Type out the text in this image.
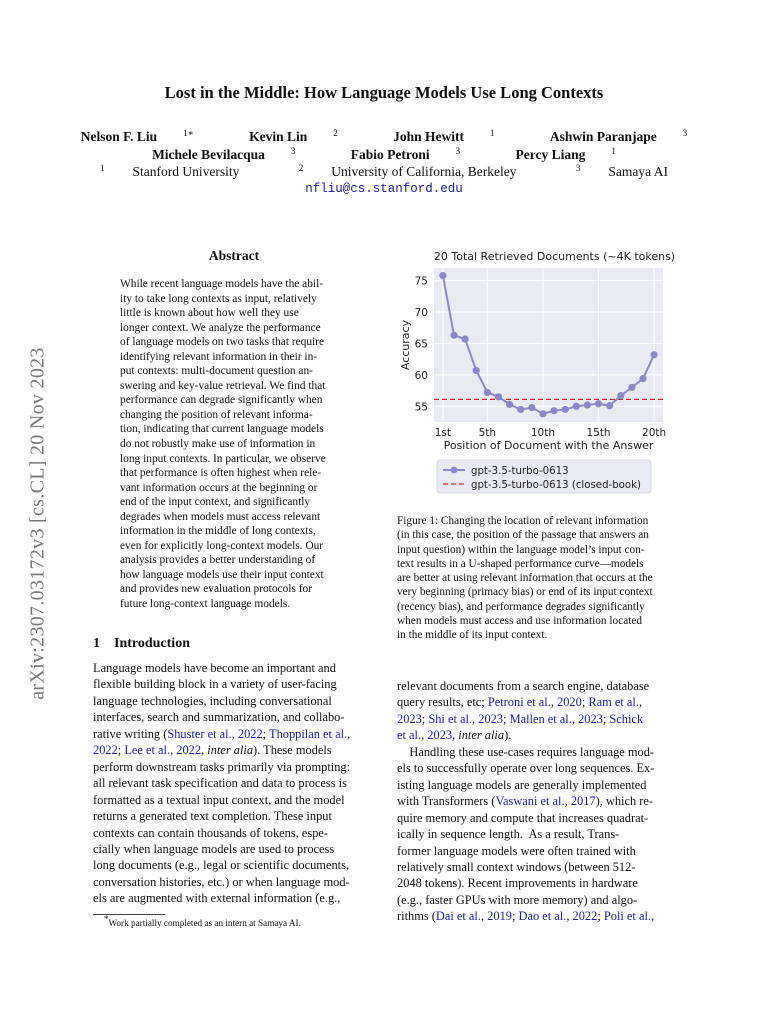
arXiv:2307.03172v3 [cs.CL] 20 Nov 2023
Lost in the Middle: How Language Models Use Long Contexts
Nelson F. Liu	$^{1∗}$	Kevin Lin	$^2$	John Hewitt	$^1$	Ashwin Paranjape	$^3$
Michele Bevilacqua	$^3$	Fabio Petroni	$^3$	Percy Liang	$^1$
$^1$ Stanford University	$^2$ University of California, Berkeley	$^3$ Samaya AI
nfliu@cs.stanford.edu
Abstract
While recent language models have the abil-
ity to take long contexts as input, relatively
little is known about how well they use
longer context. We analyze the performance
of language models on two tasks that require
identifying relevant information in their in-
put contexts: multi-document question an-
swering and key-value retrieval. We find that
performance can degrade significantly when
changing the position of relevant informa-
tion, indicating that current language models
do not robustly make use of information in
long input contexts. In particular, we observe
that performance is often highest when rele-
vant information occurs at the beginning or
end of the input context, and significantly
degrades when models must access relevant
information in the middle of long contexts,
even for explicitly long-context models. Our
analysis provides a better understanding of
how language models use their input context
and provides new evaluation protocols for
future long-context language models.
1 Introduction
Language models have become an important and
flexible building block in a variety of user-facing
language technologies, including conversational
interfaces, search and summarization, and collabo-
rative writing (Shuster et al., 2022; Thoppilan et al.,
2022; Lee et al., 2022, inter alia). These models
perform downstream tasks primarily via prompting:
all relevant task specification and data to process is
formatted as a textual input context, and the model
returns a generated text completion. These input
contexts can contain thousands of tokens, espe-
cially when language models are used to process
long documents (e.g., legal or scientific documents,
conversation histories, etc.) or when language mod-
els are augmented with external information (e.g.,
relevant documents from a search engine, database
query results, etc; Petroni et al., 2020; Ram et al.,
2023; Shi et al., 2023; Mallen et al., 2023; Schick
et al., 2023, inter alia).
Handling these use-cases requires language mod-
els to successfully operate over long sequences. Ex-
isting language models are generally implemented
with Transformers (Vaswani et al., 2017), which re-
quire memory and compute that increases quadrat-
ically in sequence length.  As a result, Trans-
former language models were often trained with
relatively small context windows (between 512-
2048 tokens). Recent improvements in hardware
(e.g., faster GPUs with more memory) and algo-
rithms (Dai et al., 2019; Dao et al., 2022; Poli et al.,
*Work partially completed as an intern at Samaya AI.
55
60
65
70
75
1st	5th	10th	15th	20th
20 Total Retrieved Documents (~4K tokens)
Position of Document with the Answer
Accuracy
gpt-3.5-turbo-0613
gpt-3.5-turbo-0613 (closed-book)
Figure 1: Changing the location of relevant information
(in this case, the position of the passage that answers an
input question) within the language model’s input con-
text results in a U-shaped performance curve—models
are better at using relevant information that occurs at the
very beginning (primacy bias) or end of its input context
(recency bias), and performance degrades significantly
when models must access and use information located
in the middle of its input context.
